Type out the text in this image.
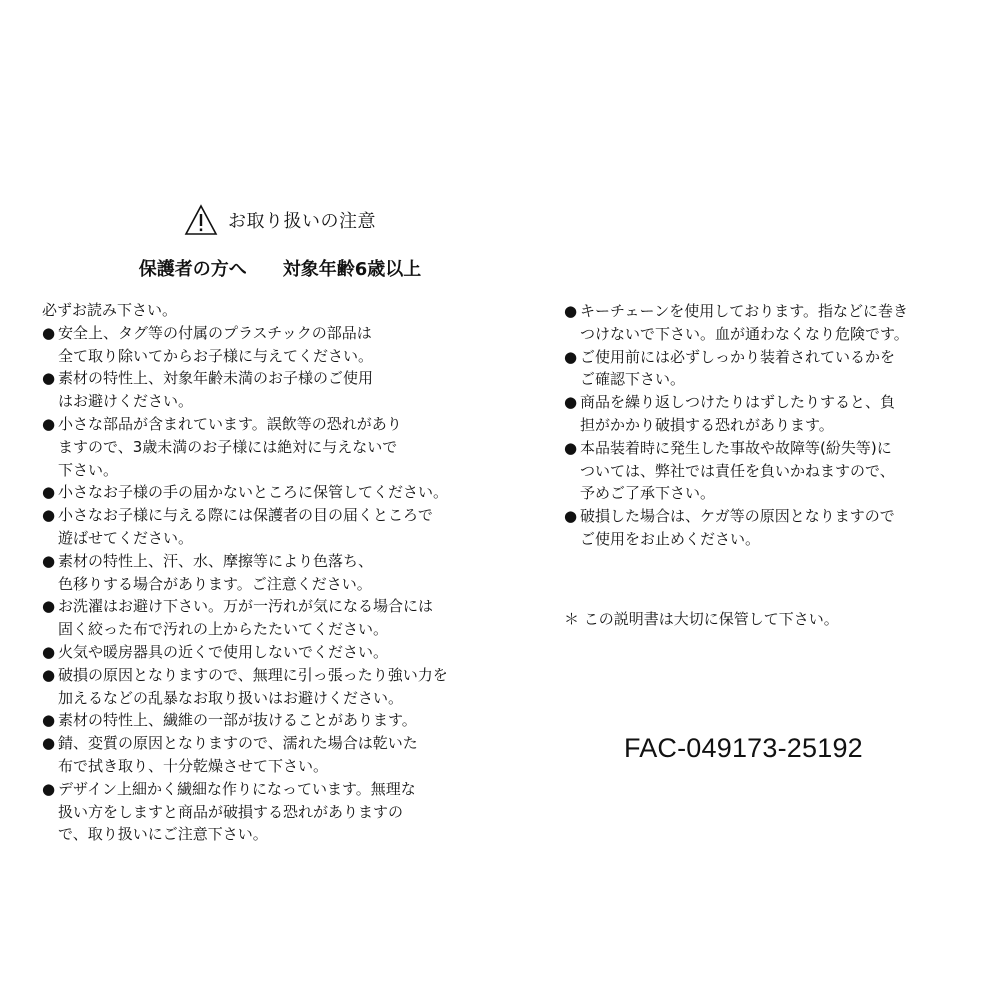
お取り扱いの注意
保護者の方へ　　対象年齢6歳以上
必ずお読み下さい。
● 安全上、タグ等の付属のプラスチックの部品は
全て取り除いてからお子様に与えてください。
● 素材の特性上、対象年齢未満のお子様のご使用
はお避けください。
● 小さな部品が含まれています。誤飲等の恐れがあり
ますので、3歳未満のお子様には絶対に与えないで
下さい。
● 小さなお子様の手の届かないところに保管してください。
● 小さなお子様に与える際には保護者の目の届くところで
遊ばせてください。
● 素材の特性上、汗、水、摩擦等により色落ち、
色移りする場合があります。ご注意ください。
● お洗濯はお避け下さい。万が一汚れが気になる場合には
固く絞った布で汚れの上からたたいてください。
● 火気や暖房器具の近くで使用しないでください。
● 破損の原因となりますので、無理に引っ張ったり強い力を
加えるなどの乱暴なお取り扱いはお避けください。
● 素材の特性上、繊維の一部が抜けることがあります。
● 錆、変質の原因となりますので、濡れた場合は乾いた
布で拭き取り、十分乾燥させて下さい。
● デザイン上細かく繊細な作りになっています。無理な
扱い方をしますと商品が破損する恐れがありますの
で、取り扱いにご注意下さい。
● キーチェーンを使用しております。指などに巻き
つけないで下さい。血が通わなくなり危険です。
● ご使用前には必ずしっかり装着されているかを
ご確認下さい。
● 商品を繰り返しつけたりはずしたりすると、負
担がかかり破損する恐れがあります。
● 本品装着時に発生した事故や故障等(紛失等)に
ついては、弊社では責任を負いかねますので、
予めご了承下さい。
● 破損した場合は、ケガ等の原因となりますので
ご使用をお止めください。
＊ この説明書は大切に保管して下さい。
FAC-049173-25192
